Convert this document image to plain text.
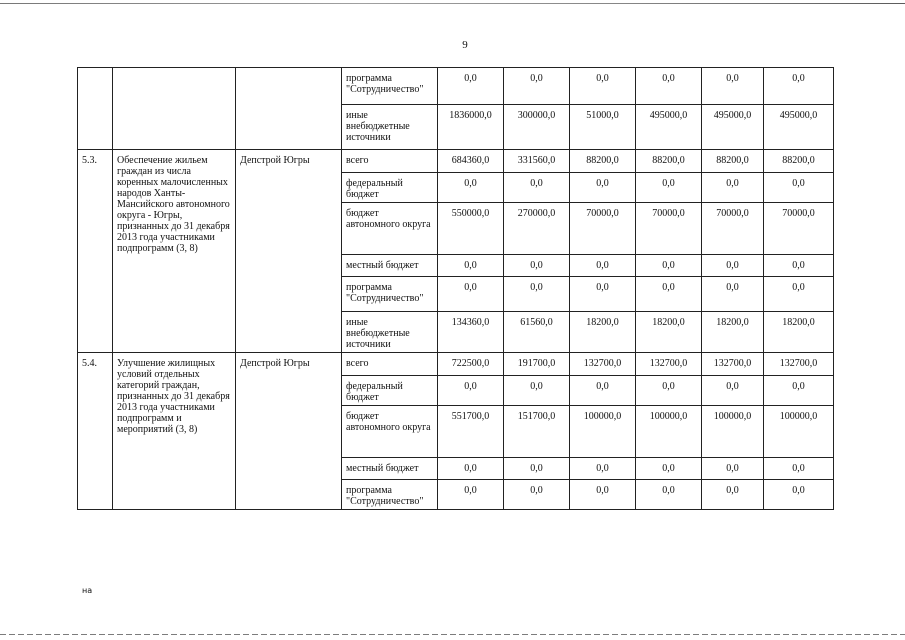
9
			программа "Сотрудничество"	0,0	0,0	0,0	0,0	0,0	0,0
			иные внебюджетные источники	1836000,0	300000,0	51000,0	495000,0	495000,0	495000,0
5.3.	Обеспечение жильем граждан из числа коренных малочисленных народов Ханты-Мансийского автономного округа - Югры, признанных до 31 декабря 2013 года участниками подпрограмм (3, 8)	Депстрой Югры	всего	684360,0	331560,0	88200,0	88200,0	88200,0	88200,0
			федеральный бюджет	0,0	0,0	0,0	0,0	0,0	0,0
			бюджет автономного округа	550000,0	270000,0	70000,0	70000,0	70000,0	70000,0
			местный бюджет	0,0	0,0	0,0	0,0	0,0	0,0
			программа "Сотрудничество"	0,0	0,0	0,0	0,0	0,0	0,0
			иные внебюджетные источники	134360,0	61560,0	18200,0	18200,0	18200,0	18200,0
5.4.	Улучшение жилищных условий отдельных категорий граждан, признанных до 31 декабря 2013 года участниками подпрограмм и мероприятий (3, 8)	Депстрой Югры	всего	722500,0	191700,0	132700,0	132700,0	132700,0	132700,0
			федеральный бюджет	0,0	0,0	0,0	0,0	0,0	0,0
			бюджет автономного округа	551700,0	151700,0	100000,0	100000,0	100000,0	100000,0
			местный бюджет	0,0	0,0	0,0	0,0	0,0	0,0
			программа "Сотрудничество"	0,0	0,0	0,0	0,0	0,0	0,0
на
